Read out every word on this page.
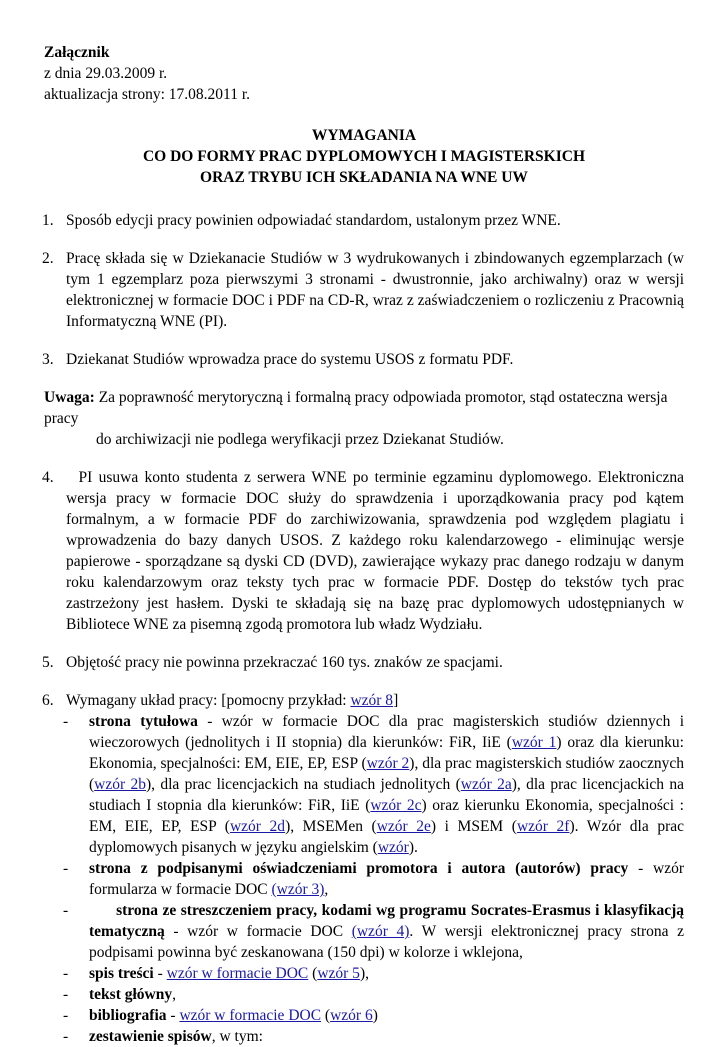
Załącznik

z dnia 29.03.2009 r.

aktualizacja strony: 17.08.2011 r.

WYMAGANIA
CO DO FORMY PRAC DYPLOMOWYCH I MAGISTERSKICH
ORAZ TRYBU ICH SKŁADANIA NA WNE UW
1. Sposób edycji pracy powinien odpowiadać standardom, ustalonym przez WNE.
2. Pracę składa się w Dziekanacie Studiów w 3 wydrukowanych i zbindowanych egzemplarzach (w tym 1 egzemplarz poza pierwszymi 3 stronami - dwustronnie, jako archiwalny) oraz w wersji elektronicznej w formacie DOC i PDF na CD-R, wraz z zaświadczeniem o rozliczeniu z Pracownią Informatyczną WNE (PI).
3. Dziekanat Studiów wprowadza prace do systemu USOS z formatu PDF.
Uwaga: Za poprawność merytoryczną i formalną pracy odpowiada promotor, stąd ostateczna wersja pracy
do archiwizacji nie podlega weryfikacji przez Dziekanat Studiów.
4. PI usuwa konto studenta z serwera WNE po terminie egzaminu dyplomowego. Elektroniczna wersja pracy w formacie DOC służy do sprawdzenia i uporządkowania pracy pod kątem formalnym, a w formacie PDF do zarchiwizowania, sprawdzenia pod względem plagiatu i wprowadzenia do bazy danych USOS. Z każdego roku kalendarzowego - eliminując wersje papierowe - sporządzane są dyski CD (DVD), zawierające wykazy prac danego rodzaju w danym roku kalendarzowym oraz teksty tych prac w formacie PDF. Dostęp do tekstów tych prac zastrzeżony jest hasłem. Dyski te składają się na bazę prac dyplomowych udostępnianych w Bibliotece WNE za pisemną zgodą promotora lub władz Wydziału.
5. Objętość pracy nie powinna przekraczać 160 tys. znaków ze spacjami.
6. Wymagany układ pracy: [pomocny przykład: wzór 8]
- strona tytułowa - wzór w formacie DOC dla prac magisterskich studiów dziennych i wieczorowych (jednolitych i II stopnia) dla kierunków: FiR, IiE (wzór 1) oraz dla kierunku: Ekonomia, specjalności: EM, EIE, EP, ESP (wzór 2), dla prac magisterskich studiów zaocznych (wzór 2b), dla prac licencjackich na studiach jednolitych (wzór 2a), dla prac licencjackich na studiach I stopnia dla kierunków: FiR, IiE (wzór 2c) oraz kierunku Ekonomia, specjalności : EM, EIE, EP, ESP (wzór 2d), MSEMen (wzór 2e) i MSEM (wzór 2f). Wzór dla prac dyplomowych pisanych w języku angielskim (wzór).
- strona z podpisanymi oświadczeniami promotora i autora (autorów) pracy - wzór formularza w formacie DOC (wzór 3),
- strona ze streszczeniem pracy, kodami wg programu Socrates-Erasmus i klasyfikacją tematyczną - wzór w formacie DOC (wzór 4). W wersji elektronicznej pracy strona z podpisami powinna być zeskanowana (150 dpi) w kolorze i wklejona,
- spis treści - wzór w formacie DOC (wzór 5),
- tekst główny,
- bibliografia - wzór w formacie DOC (wzór 6)
- zestawienie spisów, w tym:
